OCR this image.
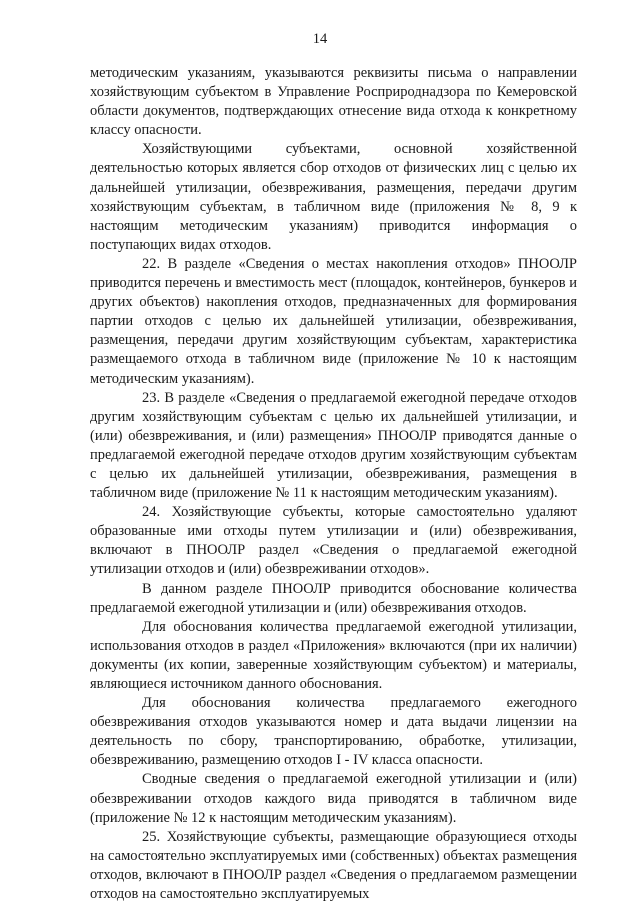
14

методическим указаниям, указываются реквизиты письма о направлении хозяйствующим субъектом в Управление Росприроднадзора по Кемеровской области документов, подтверждающих отнесение вида отхода к конкретному классу опасности.

Хозяйствующими субъектами, основной хозяйственной деятельностью которых является сбор отходов от физических лиц с целью их дальнейшей утилизации, обезвреживания, размещения, передачи другим хозяйствующим субъектам, в табличном виде (приложения № 8, 9 к настоящим методическим указаниям) приводится информация о поступающих видах отходов.

22. В разделе «Сведения о местах накопления отходов» ПНООЛР приводится перечень и вместимость мест (площадок, контейнеров, бункеров и других объектов) накопления отходов, предназначенных для формирования партии отходов с целью их дальнейшей утилизации, обезвреживания, размещения, передачи другим хозяйствующим субъектам, характеристика размещаемого отхода в табличном виде (приложение № 10 к настоящим методическим указаниям).

23. В разделе «Сведения о предлагаемой ежегодной передаче отходов другим хозяйствующим субъектам с целью их дальнейшей утилизации, и (или) обезвреживания, и (или) размещения» ПНООЛР приводятся данные о предлагаемой ежегодной передаче отходов другим хозяйствующим субъектам с целью их дальнейшей утилизации, обезвреживания, размещения в табличном виде (приложение № 11 к настоящим методическим указаниям).

24. Хозяйствующие субъекты, которые самостоятельно удаляют образованные ими отходы путем утилизации и (или) обезвреживания, включают в ПНООЛР раздел «Сведения о предлагаемой ежегодной утилизации отходов и (или) обезвреживании отходов».

В данном разделе ПНООЛР приводится обоснование количества предлагаемой ежегодной утилизации и (или) обезвреживания отходов.

Для обоснования количества предлагаемой ежегодной утилизации, использования отходов в раздел «Приложения» включаются (при их наличии) документы (их копии, заверенные хозяйствующим субъектом) и материалы, являющиеся источником данного обоснования.

Для обоснования количества предлагаемого ежегодного обезвреживания отходов указываются номер и дата выдачи лицензии на деятельность по сбору, транспортированию, обработке, утилизации, обезвреживанию, размещению отходов I - IV класса опасности.

Сводные сведения о предлагаемой ежегодной утилизации и (или) обезвреживании отходов каждого вида приводятся в табличном виде (приложение № 12 к настоящим методическим указаниям).

25. Хозяйствующие субъекты, размещающие образующиеся отходы на самостоятельно эксплуатируемых ими (собственных) объектах размещения отходов, включают в ПНООЛР раздел «Сведения о предлагаемом размещении отходов на самостоятельно эксплуатируемых
